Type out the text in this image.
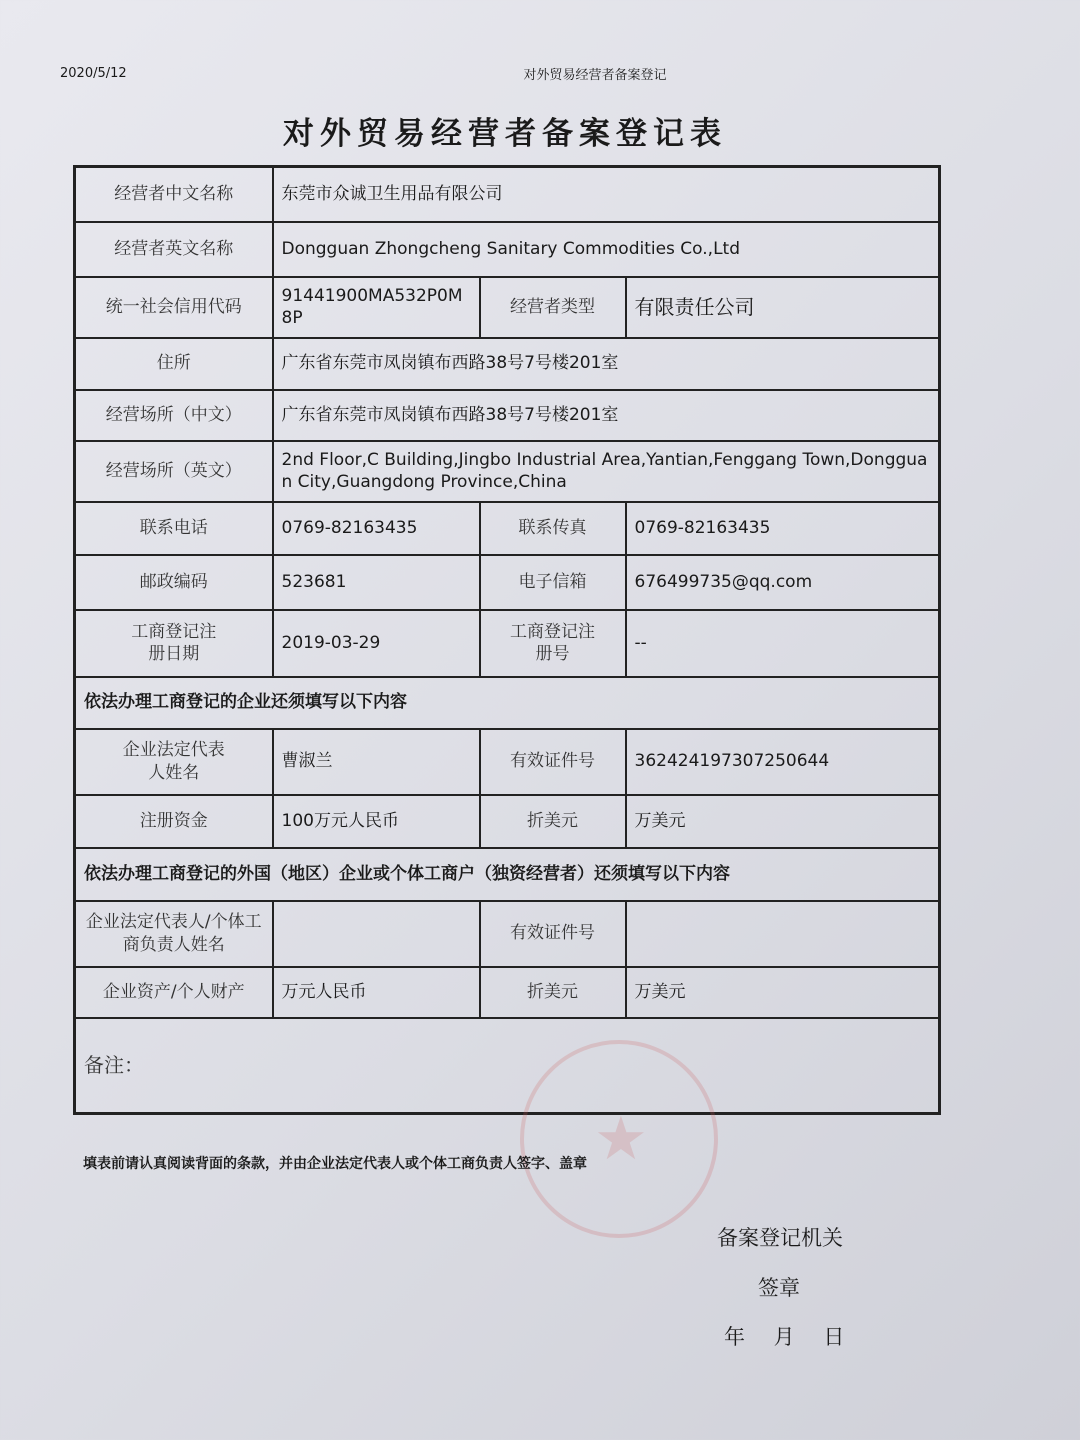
2020/5/12	对外贸易经营者备案登记
对外贸易经营者备案登记表
经营者中文名称	东莞市众诚卫生用品有限公司		
经营者英文名称	Dongguan Zhongcheng Sanitary Commodities Co.,Ltd		
统一社会信用代码	91441900MA532P0M8P	经营者类型	有限责任公司
住所	广东省东莞市凤岗镇布西路38号7号楼201室		
经营场所（中文）	广东省东莞市凤岗镇布西路38号7号楼201室		
经营场所（英文）	2nd Floor,C Building,Jingbo Industrial Area,Yantian,Fenggang Town,Dongguan City,Guangdong Province,China		
联系电话	0769-82163435	联系传真	0769-82163435
邮政编码	523681	电子信箱	676499735@qq.com
工商登记注册日期	2019-03-29	工商登记注册号	--
依法办理工商登记的企业还须填写以下内容			
企业法定代表人姓名	曹淑兰	有效证件号	362424197307250644
注册资金	100万元人民币	折美元	万美元
依法办理工商登记的外国（地区）企业或个体工商户（独资经营者）还须填写以下内容			
企业法定代表人/个体工商负责人姓名		有效证件号	
企业资产/个人财产	万元人民币	折美元	万美元
备注：			
★
填表前请认真阅读背面的条款，并由企业法定代表人或个体工商负责人签字、盖章
备案登记机关
签章
年 月 日
